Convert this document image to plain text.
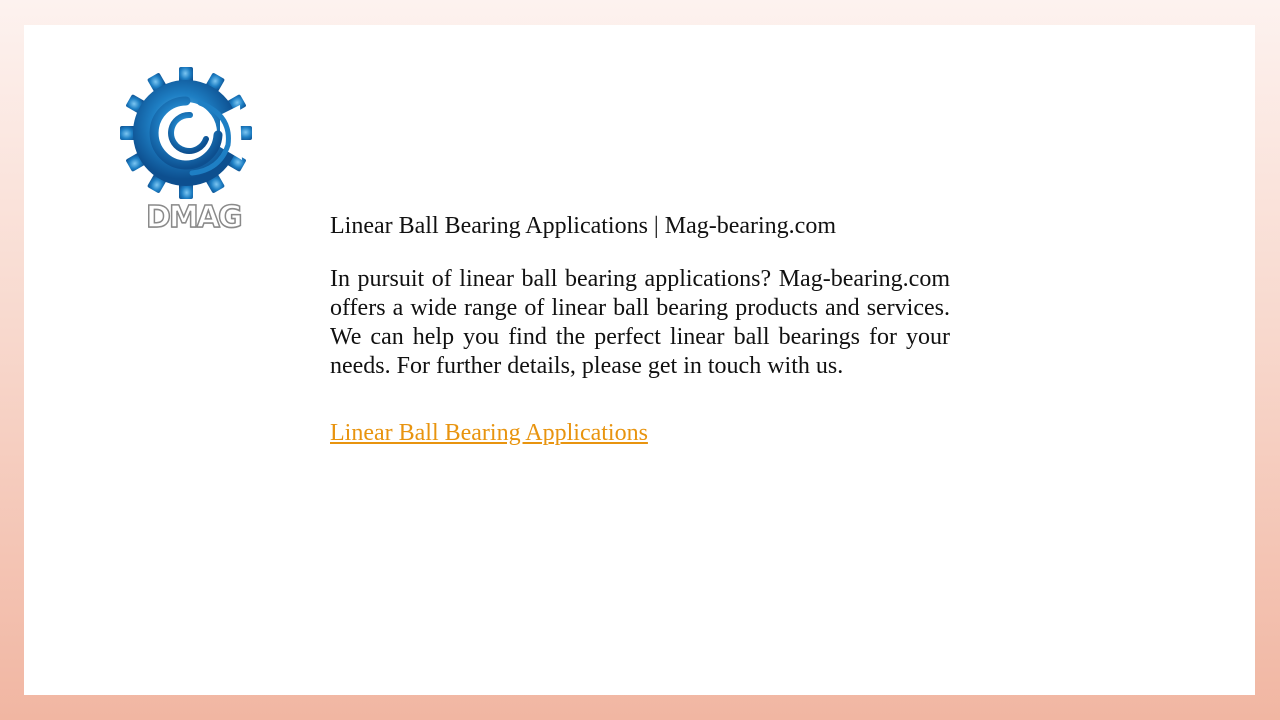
DMAG	Linear Ball Bearing Applications | Mag-bearing.com

In pursuit of linear ball bearing applications? Mag-bearing.com offers a wide range of linear ball bearing products and services. We can help you find the perfect linear ball bearings for your needs. For further details, please get in touch with us.

Linear Ball Bearing Applications
